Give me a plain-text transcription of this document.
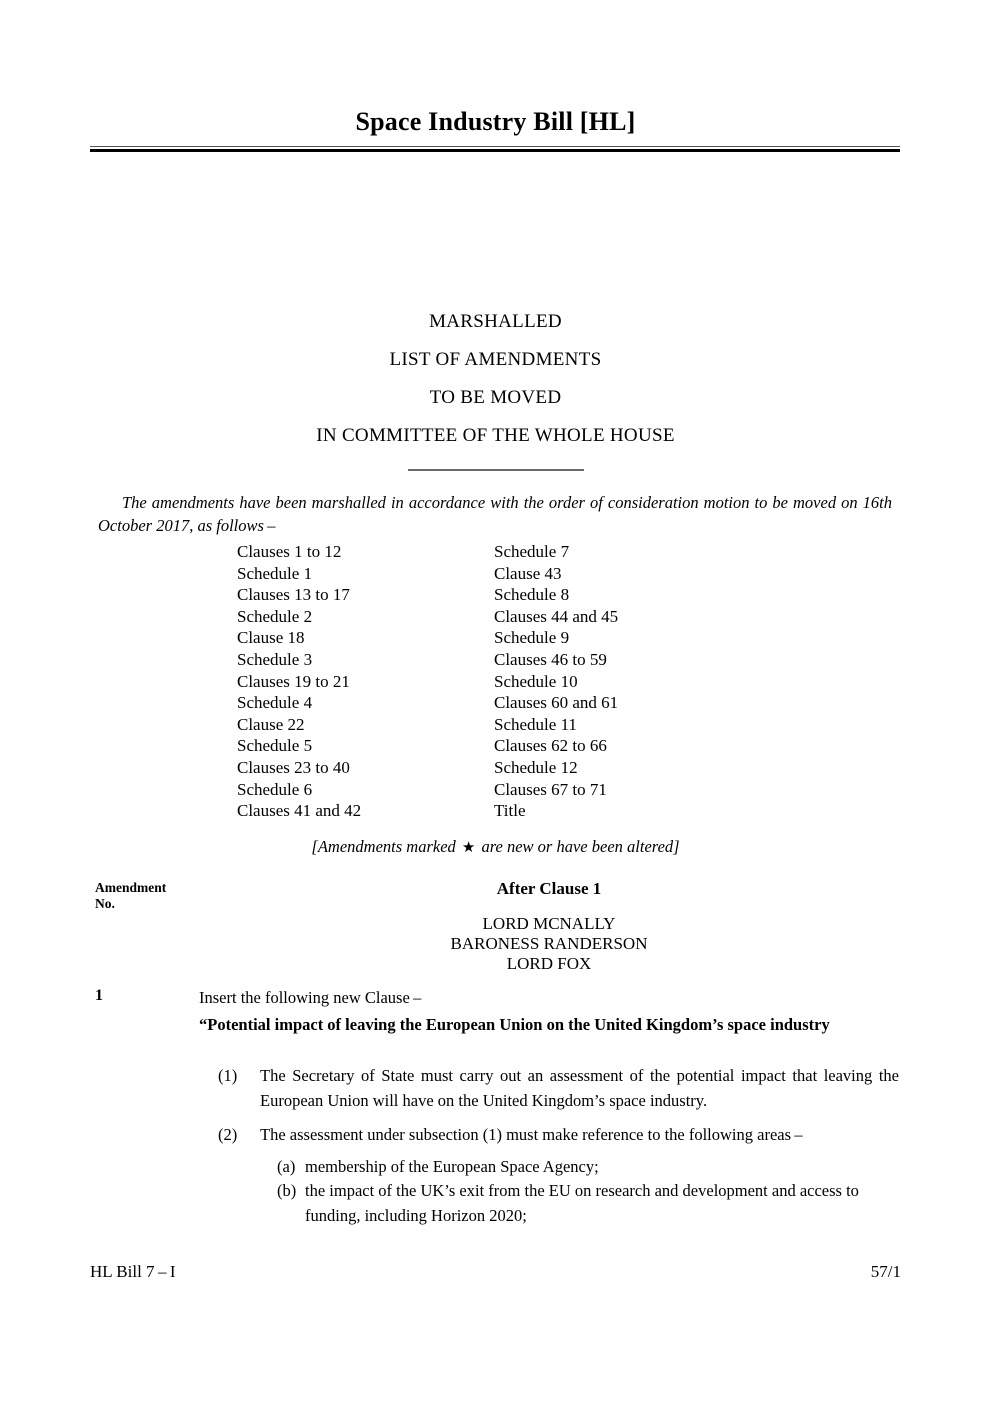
Space Industry Bill [HL]
MARSHALLED
LIST OF AMENDMENTS
TO BE MOVED
IN COMMITTEE OF THE WHOLE HOUSE
The amendments have been marshalled in accordance with the order of consideration motion to be moved on 16th October 2017, as follows –
Clauses 1 to 12
Schedule 1
Clauses 13 to 17
Schedule 2
Clause 18
Schedule 3
Clauses 19 to 21
Schedule 4
Clause 22
Schedule 5
Clauses 23 to 40
Schedule 6
Clauses 41 and 42
Schedule 7
Clause 43
Schedule 8
Clauses 44 and 45
Schedule 9
Clauses 46 to 59
Schedule 10
Clauses 60 and 61
Schedule 11
Clauses 62 to 66
Schedule 12
Clauses 67 to 71
Title
[Amendments marked ★ are new or have been altered]
Amendment
No.
After Clause 1
LORD MCNALLY
BARONESS RANDERSON
LORD FOX
1	Insert the following new Clause –
“Potential impact of leaving the European Union on the United Kingdom’s space industry
(1) The Secretary of State must carry out an assessment of the potential impact that leaving the European Union will have on the United Kingdom’s space industry.
(2) The assessment under subsection (1) must make reference to the following areas –
(a) membership of the European Space Agency;
(b) the impact of the UK’s exit from the EU on research and development and access to funding, including Horizon 2020;
HL Bill 7 – I	57/1
